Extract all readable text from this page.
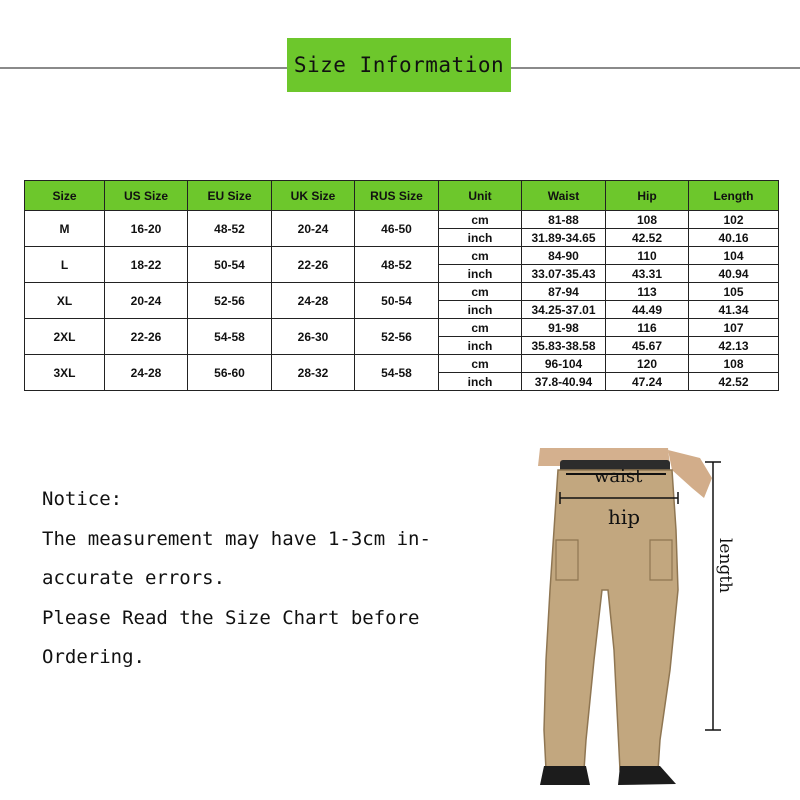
Size Information
Size	US Size	EU Size	UK Size	RUS Size	Unit	Waist	Hip	Length
M	16-20	48-52	20-24	46-50	cm	81-88	108	102
					inch	31.89-34.65	42.52	40.16
L	18-22	50-54	22-26	48-52	cm	84-90	110	104
					inch	33.07-35.43	43.31	40.94
XL	20-24	52-56	24-28	50-54	cm	87-94	113	105
					inch	34.25-37.01	44.49	41.34
2XL	22-26	54-58	26-30	52-56	cm	91-98	116	107
					inch	35.83-38.58	45.67	42.13
3XL	24-28	56-60	28-32	54-58	cm	96-104	120	108
					inch	37.8-40.94	47.24	42.52
Notice:
The measurement may have 1-3cm in-
accurate errors.
Please Read the Size Chart before
Ordering.
waist
hip
length
